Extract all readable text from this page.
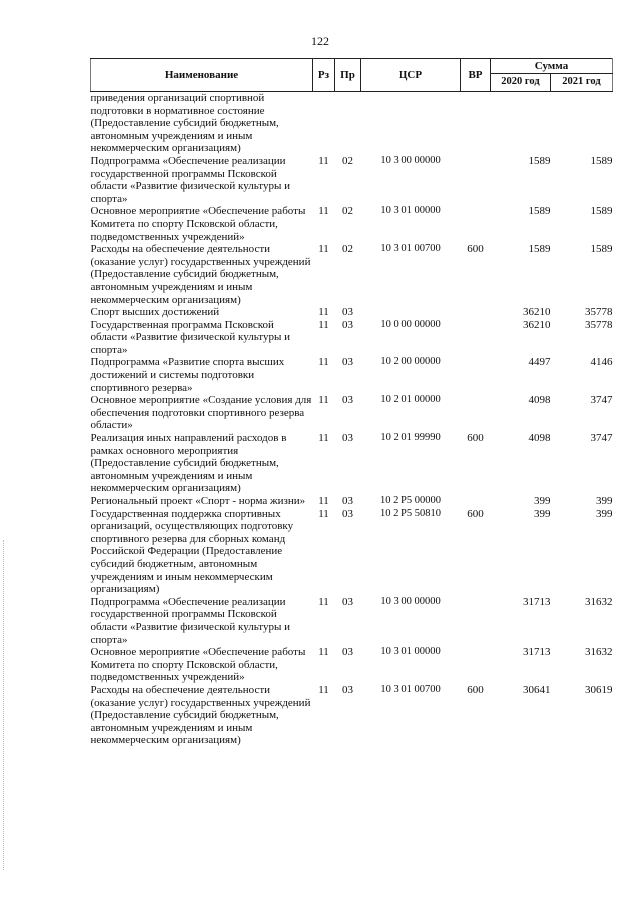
122
Наименование	Рз	Пр	ЦСР	ВР	Сумма	
					2020 год	2021 год
приведения организаций спортивной подготовки в нормативное состояние (Предоставление субсидий бюджетным, автономным учреждениям и иным некоммерческим организациям)						
Подпрограмма «Обеспечение реализации государственной программы Псковской области «Развитие физической культуры и спорта»	11	02	10 3 00 00000		1589	1589
Основное мероприятие «Обеспечение работы Комитета по спорту Псковской области, подведомственных учреждений»	11	02	10 3 01 00000		1589	1589
Расходы на обеспечение деятельности (оказание услуг) государственных учреждений (Предоставление субсидий бюджетным, автономным учреждениям и иным некоммерческим организациям)	11	02	10 3 01 00700	600	1589	1589
Спорт высших достижений	11	03			36210	35778
Государственная программа Псковской области «Развитие физической культуры и спорта»	11	03	10 0 00 00000		36210	35778
Подпрограмма «Развитие спорта высших достижений и системы подготовки спортивного резерва»	11	03	10 2 00 00000		4497	4146
Основное мероприятие «Создание условия для обеспечения подготовки спортивного резерва области»	11	03	10 2 01 00000		4098	3747
Реализация иных направлений расходов в рамках основного мероприятия (Предоставление субсидий бюджетным, автономным учреждениям и иным некоммерческим организациям)	11	03	10 2 01 99990	600	4098	3747
Региональный проект «Спорт - норма жизни»	11	03	10 2 P5 00000		399	399
Государственная поддержка спортивных организаций, осуществляющих подготовку спортивного резерва для сборных команд Российской Федерации (Предоставление субсидий бюджетным, автономным учреждениям и иным некоммерческим организациям)	11	03	10 2 P5 50810	600	399	399
Подпрограмма «Обеспечение реализации государственной программы Псковской области «Развитие физической культуры и спорта»	11	03	10 3 00 00000		31713	31632
Основное мероприятие «Обеспечение работы Комитета по спорту Псковской области, подведомственных учреждений»	11	03	10 3 01 00000		31713	31632
Расходы на обеспечение деятельности (оказание услуг) государственных учреждений (Предоставление субсидий бюджетным, автономным учреждениям и иным некоммерческим организациям)	11	03	10 3 01 00700	600	30641	30619
